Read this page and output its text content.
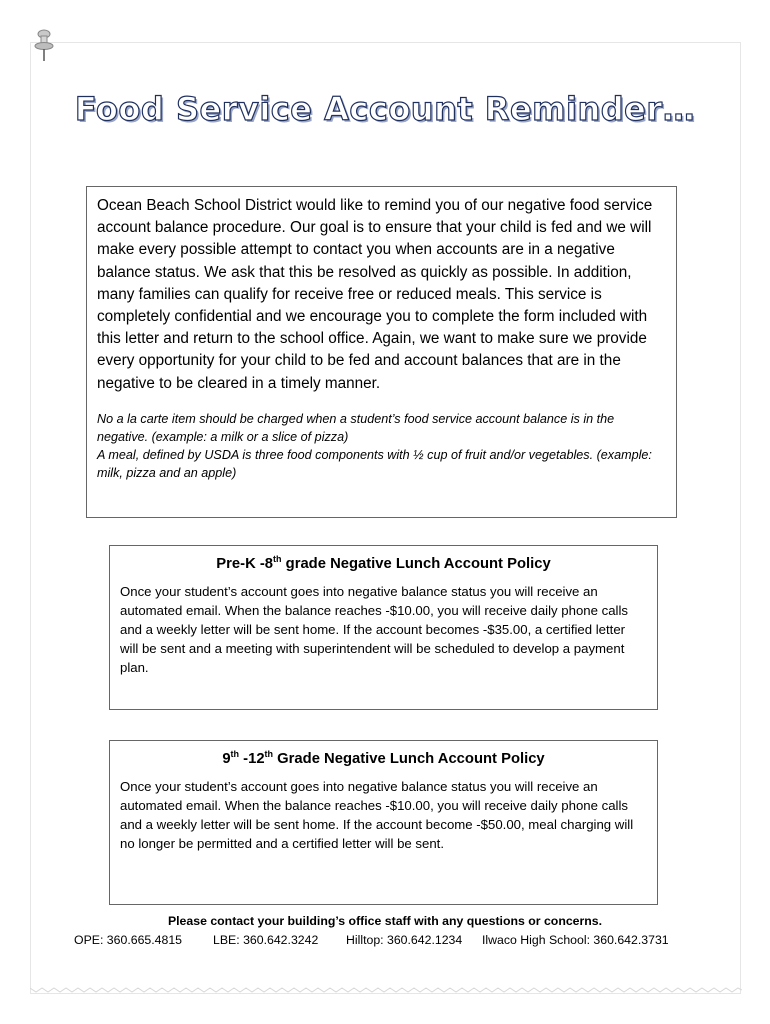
Food Service Account Reminder…

Ocean Beach School District would like to remind you of our negative food service account balance procedure. Our goal is to ensure that your child is fed and we will make every possible attempt to contact you when accounts are in a negative balance status. We ask that this be resolved as quickly as possible. In addition, many families can qualify for receive free or reduced meals. This service is completely confidential and we encourage you to complete the form included with this letter and return to the school office. Again, we want to make sure we provide every opportunity for your child to be fed and account balances that are in the negative to be cleared in a timely manner.

No a la carte item should be charged when a student’s food service account balance is in the negative. (example: a milk or a slice of pizza)
A meal, defined by USDA is three food components with ½ cup of fruit and/or vegetables. (example: milk, pizza and an apple)

Pre-K -8th grade Negative Lunch Account Policy

Once your student’s account goes into negative balance status you will receive an automated email. When the balance reaches -$10.00, you will receive daily phone calls and a weekly letter will be sent home. If the account becomes -$35.00, a certified letter will be sent and a meeting with superintendent will be scheduled to develop a payment plan.

9th -12th Grade Negative Lunch Account Policy

Once your student’s account goes into negative balance status you will receive an automated email. When the balance reaches -$10.00, you will receive daily phone calls and a weekly letter will be sent home. If the account become -$50.00, meal charging will no longer be permitted and a certified letter will be sent.

Please contact your building’s office staff with any questions or concerns.
OPE: 360.665.4815	LBE: 360.642.3242	Hilltop: 360.642.1234	Ilwaco High School: 360.642.3731
